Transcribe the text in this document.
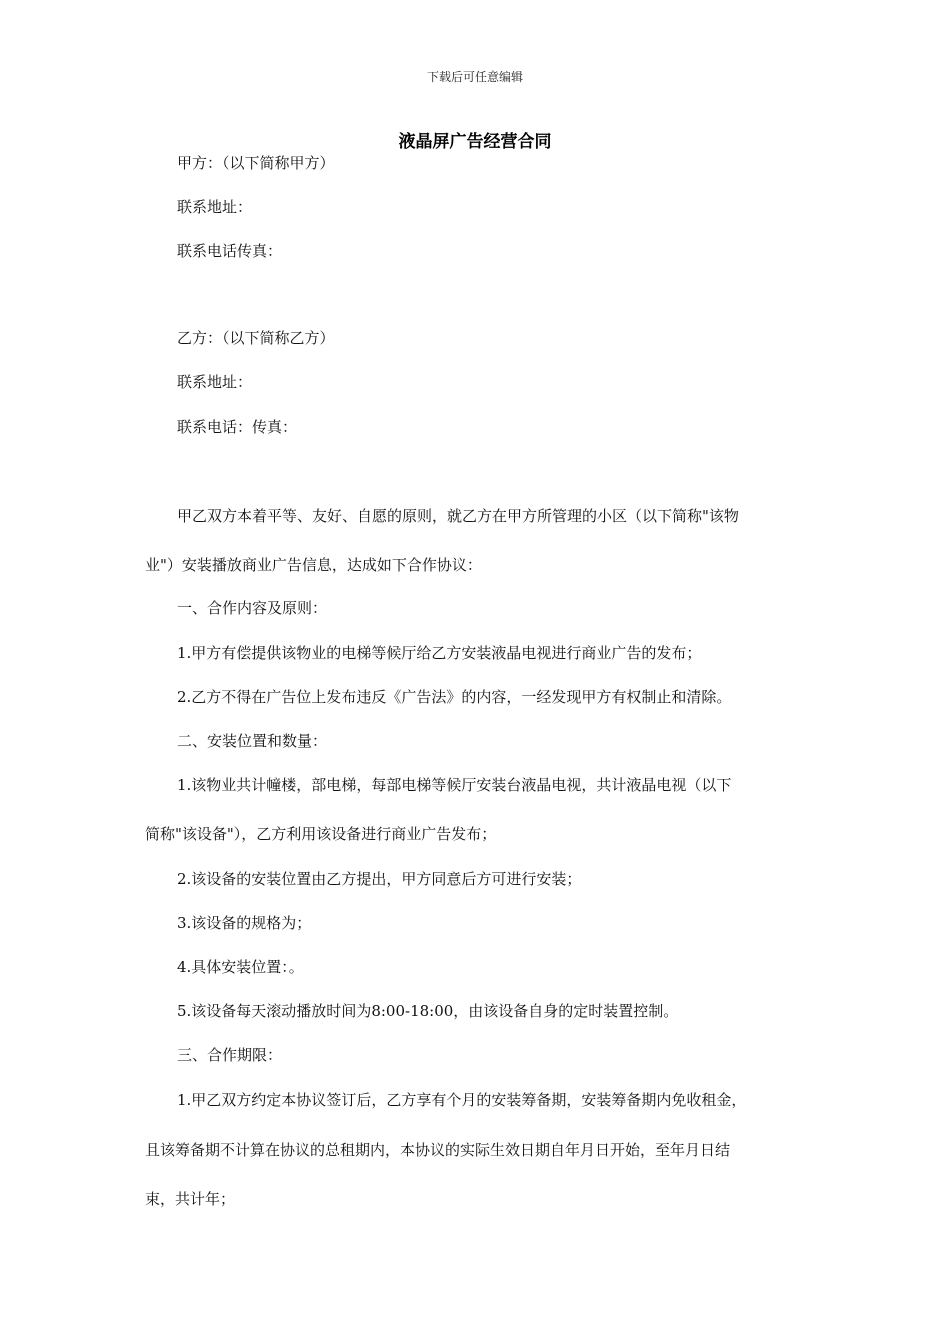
下载后可任意编辑
液晶屏广告经营合同
甲方：（以下简称甲方）
联系地址：
联系电话传真：
乙方：（以下简称乙方）
联系地址：
联系电话：传真：
甲乙双方本着平等、友好、自愿的原则，就乙方在甲方所管理的小区（以下简称"该物
业"）安装播放商业广告信息，达成如下合作协议：
一、合作内容及原则：
1.甲方有偿提供该物业的电梯等候厅给乙方安装液晶电视进行商业广告的发布；
2.乙方不得在广告位上发布违反《广告法》的内容，一经发现甲方有权制止和清除。
二、安装位置和数量：
1.该物业共计幢楼，部电梯，每部电梯等候厅安装台液晶电视，共计液晶电视（以下
简称"该设备"），乙方利用该设备进行商业广告发布；
2.该设备的安装位置由乙方提出，甲方同意后方可进行安装；
3.该设备的规格为；
4.具体安装位置：。
5.该设备每天滚动播放时间为8:00-18:00，由该设备自身的定时装置控制。
三、合作期限：
1.甲乙双方约定本协议签订后，乙方享有个月的安装筹备期，安装筹备期内免收租金，
且该筹备期不计算在协议的总租期内，本协议的实际生效日期自年月日开始，至年月日结
束，共计年；
